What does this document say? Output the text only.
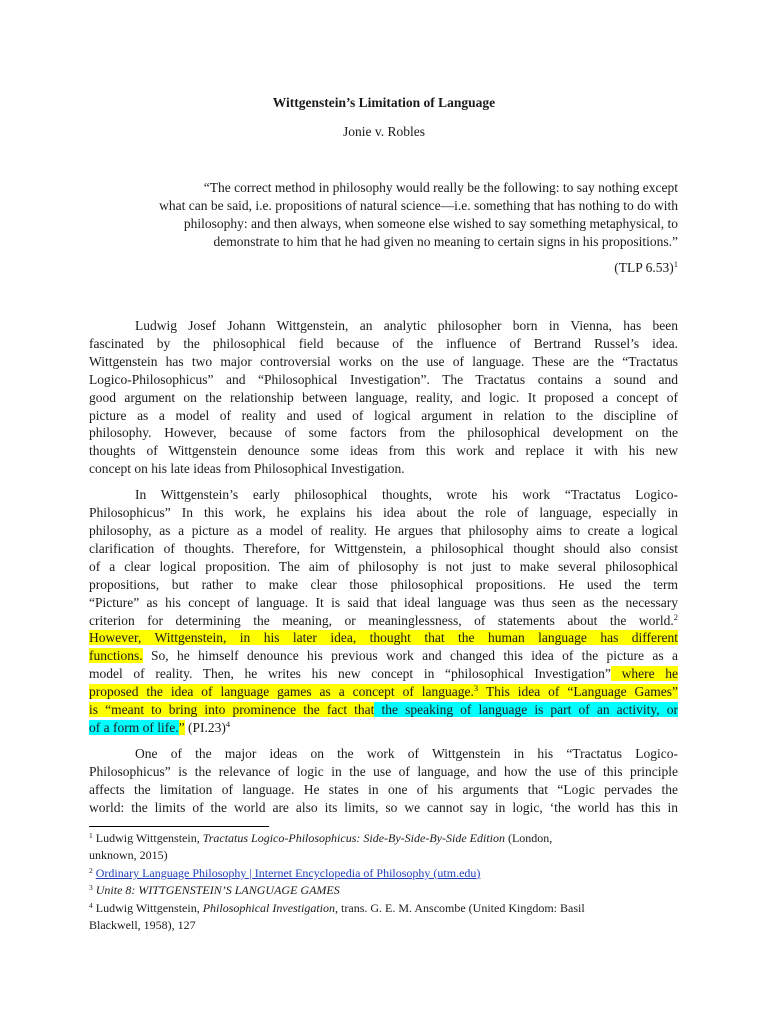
Wittgenstein’s Limitation of Language
Jonie v. Robles
“The correct method in philosophy would really be the following: to say nothing except
what can be said, i.e. propositions of natural science—i.e. something that has nothing to do with
philosophy: and then always, when someone else wished to say something metaphysical, to
demonstrate to him that he had given no meaning to certain signs in his propositions.”
(TLP 6.53)$^1$

Ludwig Josef Johann Wittgenstein, an analytic philosopher born in Vienna, has been
fascinated by the philosophical field because of the influence of Bertrand Russel’s idea.
Wittgenstein has two major controversial works on the use of language. These are the “Tractatus
Logico-Philosophicus” and “Philosophical Investigation”. The Tractatus contains a sound and
good argument on the relationship between language, reality, and logic. It proposed a concept of
picture as a model of reality and used of logical argument in relation to the discipline of
philosophy. However, because of some factors from the philosophical development on the
thoughts of Wittgenstein denounce some ideas from this work and replace it with his new
concept on his late ideas from Philosophical Investigation.

In Wittgenstein’s early philosophical thoughts, wrote his work “Tractatus Logico-
Philosophicus” In this work, he explains his idea about the role of language, especially in
philosophy, as a picture as a model of reality. He argues that philosophy aims to create a logical
clarification of thoughts. Therefore, for Wittgenstein, a philosophical thought should also consist
of a clear logical proposition. The aim of philosophy is not just to make several philosophical
propositions, but rather to make clear those philosophical propositions. He used the term
“Picture” as his concept of language. It is said that ideal language was thus seen as the necessary
criterion for determining the meaning, or meaninglessness, of statements about the world.$^2$
However, Wittgenstein, in his later idea, thought that the human language has different
functions. So, he himself denounce his previous work and changed this idea of the picture as a
model of reality. Then, he writes his new concept in “philosophical Investigation” where he
proposed the idea of language games as a concept of language.$^3$ This idea of “Language Games”
is “meant to bring into prominence the fact that the speaking of language is part of an activity, or
of a form of life.” $(PI.23)^4$

One of the major ideas on the work of Wittgenstein in his “Tractatus Logico-
Philosophicus” is the relevance of logic in the use of language, and how the use of this principle
affects the limitation of language. He states in one of his arguments that “Logic pervades the
world: the limits of the world are also its limits, so we cannot say in logic, ‘the world has this in

$^1$ Ludwig Wittgenstein, Tractatus Logico-Philosophicus: Side-By-Side-By-Side Edition (London,
unknown, 2015)
$^2$ Ordinary Language Philosophy | Internet Encyclopedia of Philosophy (utm.edu)
$^3$ Unite 8: WITTGENSTEIN’S LANGUAGE GAMES
$^4$ Ludwig Wittgenstein, Philosophical Investigation, trans. G. E. M. Anscombe (United Kingdom: Basil
Blackwell, 1958), 127
